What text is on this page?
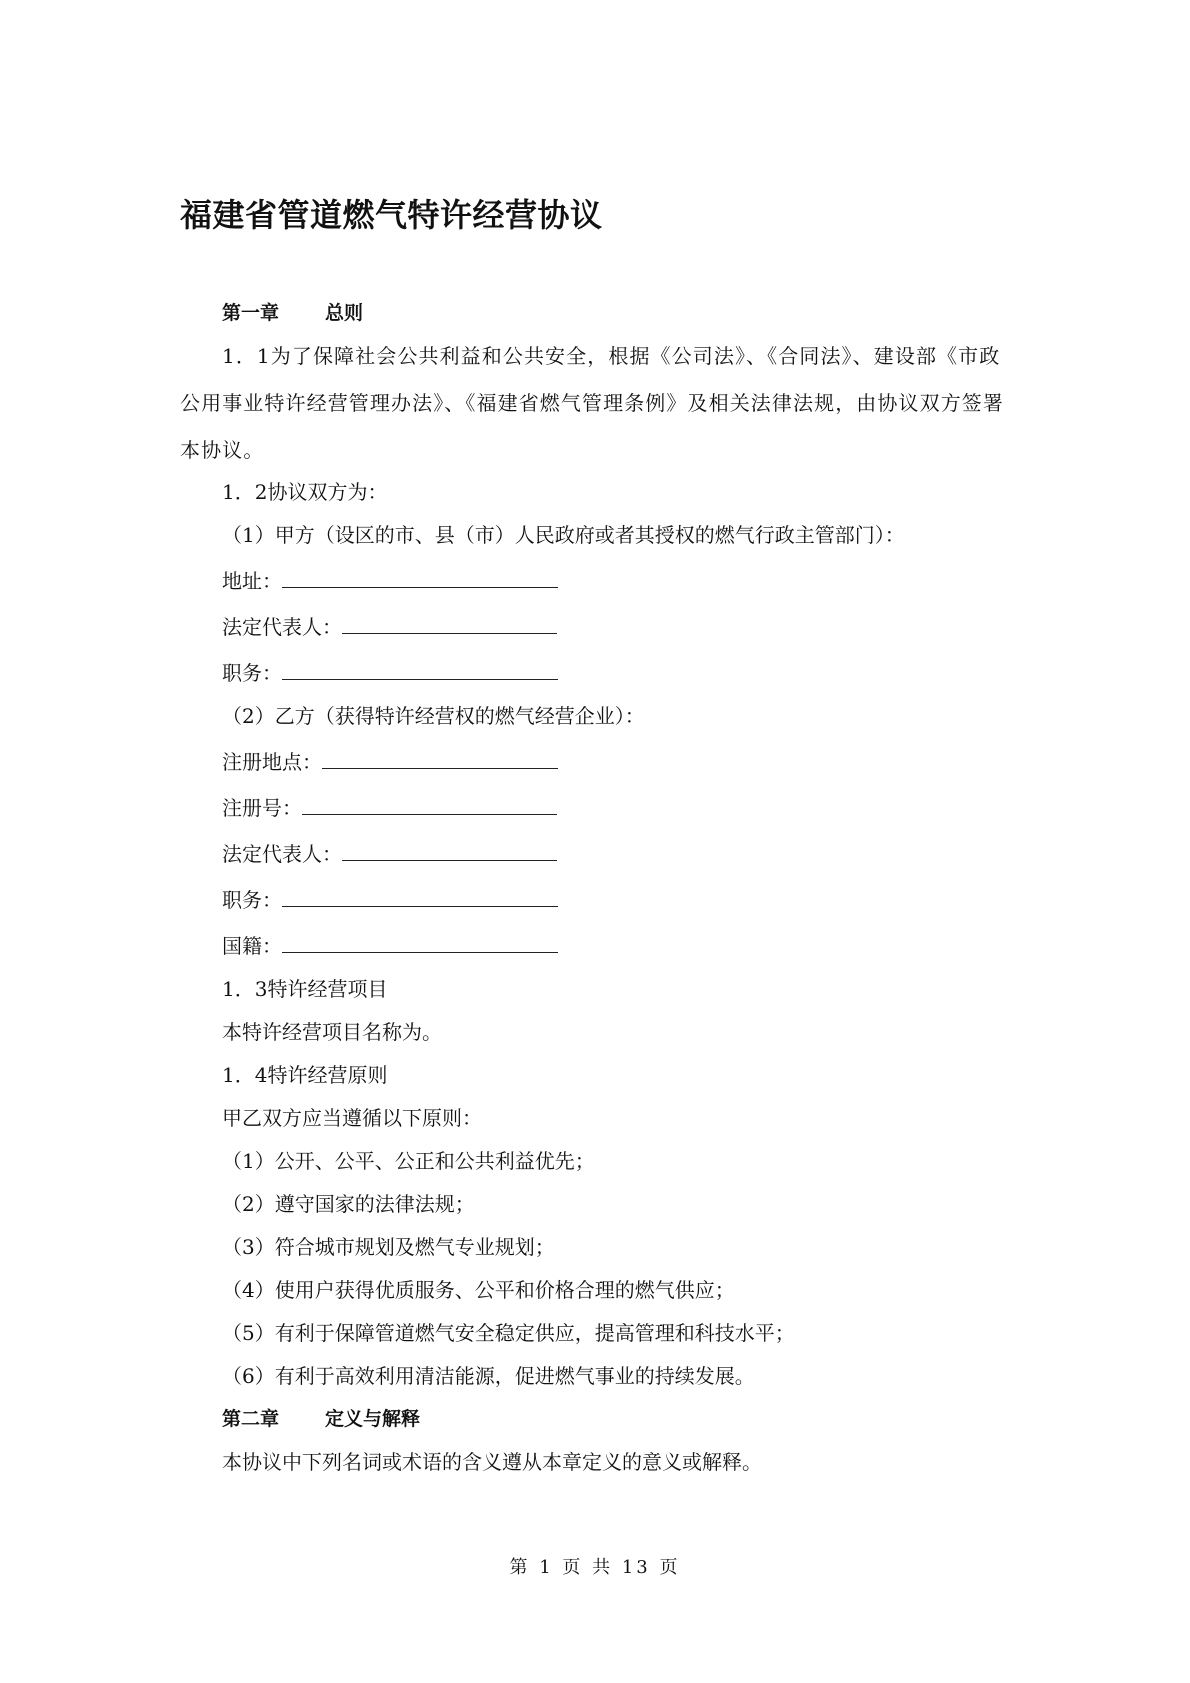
福建省管道燃气特许经营协议
第一章 总则

1．1为了保障社会公共利益和公共安全，根据《公司法》、《合同法》、建设部《市政公用事业特许经营管理办法》、《福建省燃气管理条例》及相关法律法规，由协议双方签署本协议。

1．2协议双方为：
（1）甲方（设区的市、县（市）人民政府或者其授权的燃气行政主管部门）：
地址：
法定代表人：
职务：
（2）乙方（获得特许经营权的燃气经营企业）：
注册地点：
注册号：
法定代表人：
职务：
国籍：
1．3特许经营项目
本特许经营项目名称为。
1．4特许经营原则
甲乙双方应当遵循以下原则：
（1）公开、公平、公正和公共利益优先；
（2）遵守国家的法律法规；
（3）符合城市规划及燃气专业规划；
（4）使用户获得优质服务、公平和价格合理的燃气供应；
（5）有利于保障管道燃气安全稳定供应，提高管理和科技水平；
（6）有利于高效利用清洁能源，促进燃气事业的持续发展。
第二章 定义与解释
本协议中下列名词或术语的含义遵从本章定义的意义或解释。
第 1 页 共 13 页
